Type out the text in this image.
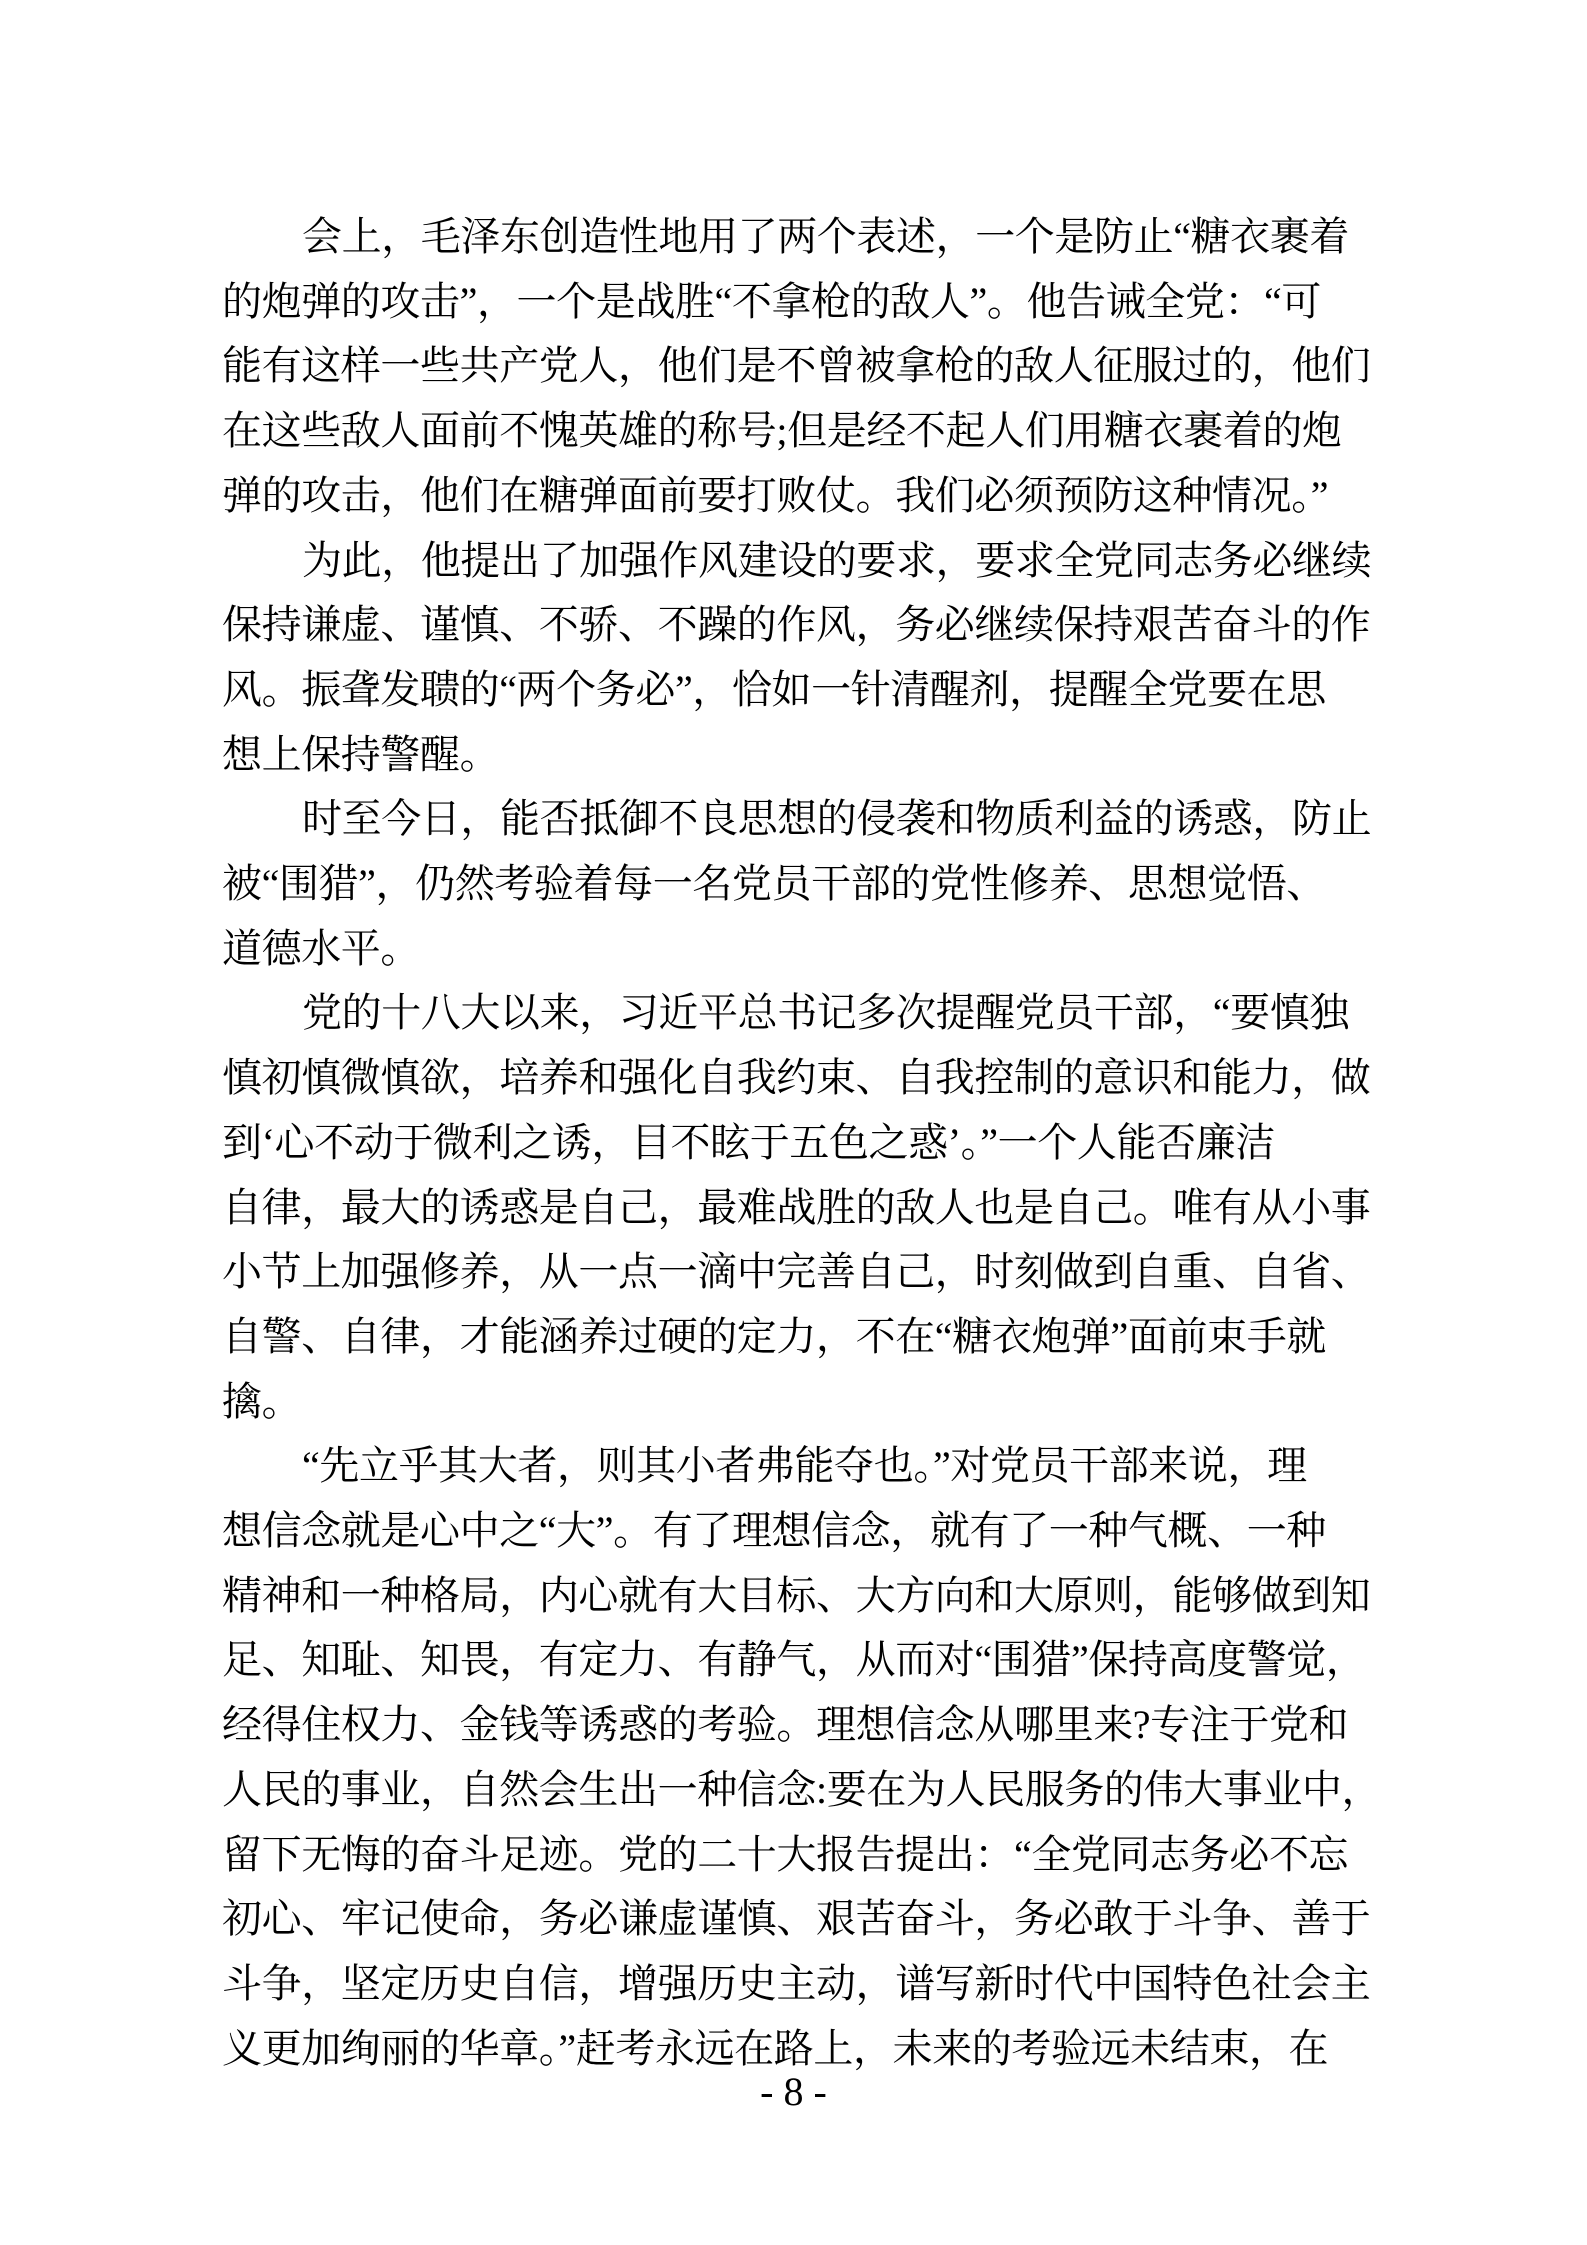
会上，毛泽东创造性地用了两个表述，一个是防止“糖衣裹着
的炮弹的攻击”，一个是战胜“不拿枪的敌人”。他告诫全党：“可
能有这样一些共产党人，他们是不曾被拿枪的敌人征服过的，他们
在这些敌人面前不愧英雄的称号;但是经不起人们用糖衣裹着的炮
弹的攻击，他们在糖弹面前要打败仗。我们必须预防这种情况。”

为此，他提出了加强作风建设的要求，要求全党同志务必继续
保持谦虚、谨慎、不骄、不躁的作风，务必继续保持艰苦奋斗的作
风。振聋发聩的“两个务必”，恰如一针清醒剂，提醒全党要在思
想上保持警醒。

时至今日，能否抵御不良思想的侵袭和物质利益的诱惑，防止
被“围猎”，仍然考验着每一名党员干部的党性修养、思想觉悟、
道德水平。

党的十八大以来，习近平总书记多次提醒党员干部，“要慎独
慎初慎微慎欲，培养和强化自我约束、自我控制的意识和能力，做
到‘心不动于微利之诱，目不眩于五色之惑’。”一个人能否廉洁
自律，最大的诱惑是自己，最难战胜的敌人也是自己。唯有从小事
小节上加强修养，从一点一滴中完善自己，时刻做到自重、自省、
自警、自律，才能涵养过硬的定力，不在“糖衣炮弹”面前束手就
擒。

“先立乎其大者，则其小者弗能夺也。”对党员干部来说，理
想信念就是心中之“大”。有了理想信念，就有了一种气概、一种
精神和一种格局，内心就有大目标、大方向和大原则，能够做到知
足、知耻、知畏，有定力、有静气，从而对“围猎”保持高度警觉，
经得住权力、金钱等诱惑的考验。理想信念从哪里来?专注于党和
人民的事业，自然会生出一种信念:要在为人民服务的伟大事业中，
留下无悔的奋斗足迹。党的二十大报告提出：“全党同志务必不忘
初心、牢记使命，务必谦虚谨慎、艰苦奋斗，务必敢于斗争、善于
斗争，坚定历史自信，增强历史主动，谱写新时代中国特色社会主
义更加绚丽的华章。”赶考永远在路上，未来的考验远未结束，在

- 8 -
